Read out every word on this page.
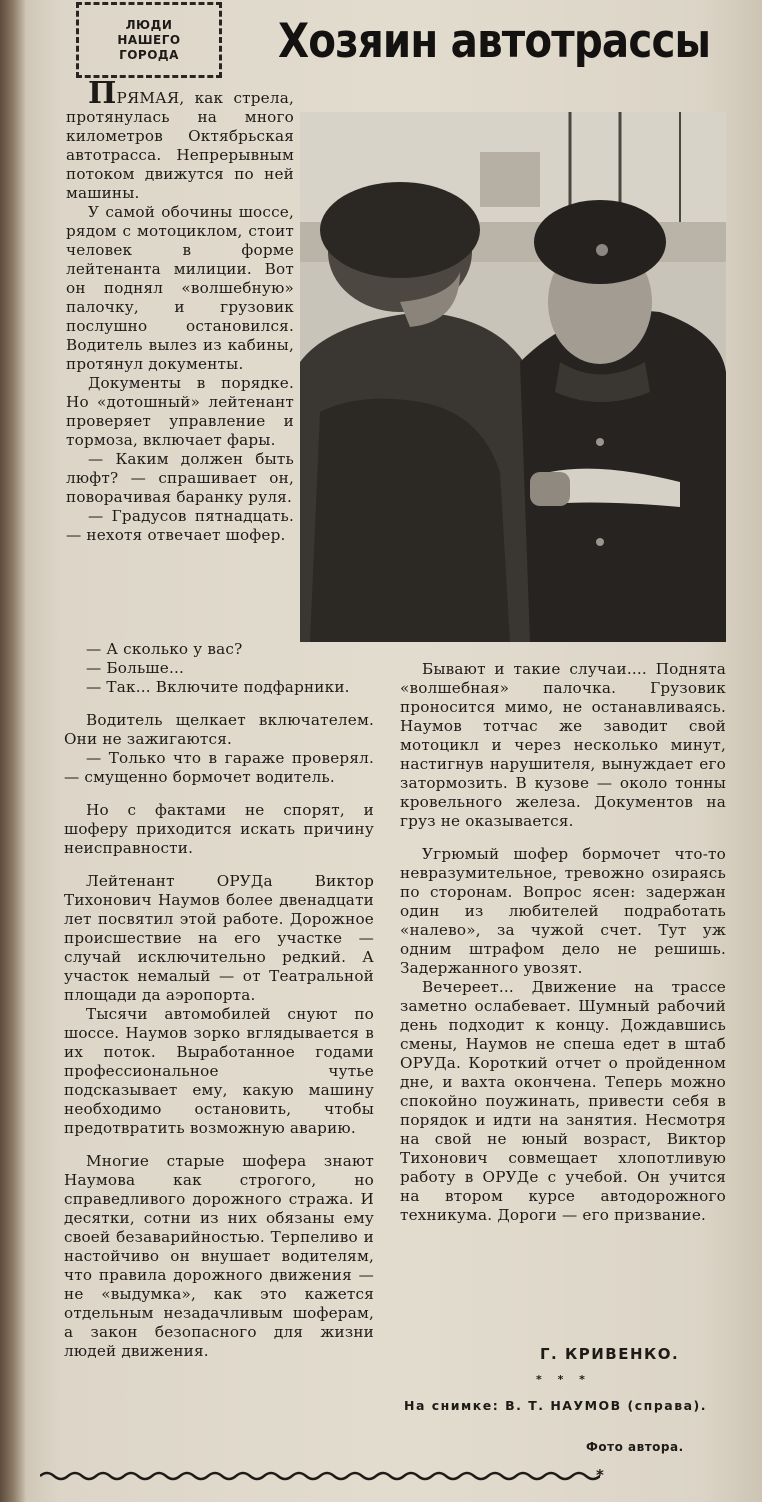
ЛЮДИ
НАШЕГО
ГОРОДА Хозяин автотрассы

ПРЯМАЯ, как стрела, протянулась на много километров Октябрьская автотрасса. Непрерывным потоком движутся по ней машины.

У самой обочины шоссе, рядом с мотоциклом, стоит человек в форме лейтенанта милиции. Вот он поднял «волшебную» палочку, и грузовик послушно остановился. Водитель вылез из кабины, протянул документы.

Документы в порядке. Но «дотошный» лейтенант проверяет управление и тормоза, включает фары.

— Каким должен быть люфт? — спрашивает он, поворачивая баранку руля.

— Градусов пятнадцать. — нехотя отвечает шофер.

— А сколько у вас?

— Больше...

— Так... Включите подфарники.

Водитель щелкает включателем. Они не зажигаются.

— Только что в гараже проверял. — смущенно бормочет водитель.

Но с фактами не спорят, и шоферу приходится искать причину неисправности.

Лейтенант ОРУДа Виктор Тихонович Наумов более двенадцати лет посвятил этой работе. Дорожное происшествие на его участке — случай исключительно редкий. А участок немалый — от Театральной площади да аэропорта.

Тысячи автомобилей снуют по шоссе. Наумов зорко вглядывается в их поток. Выработанное годами профессиональное чутье подсказывает ему, какую машину необходимо остановить, чтобы предотвратить возможную аварию.

Многие старые шофера знают Наумова как строгого, но справедливого дорожного стража. И десятки, сотни из них обязаны ему своей безаварийностью. Терпеливо и настойчиво он внушает водителям, что правила дорожного движения — не «выдумка», как это кажется отдельным незадачливым шоферам, а закон безопасного для жизни людей движения.

Бывают и такие случаи.... Поднята «волшебная» палочка. Грузовик проносится мимо, не останавливаясь. Наумов тотчас же заводит свой мотоцикл и через несколько минут, настигнув нарушителя, вынуждает его затормозить. В кузове — около тонны кровельного железа. Документов на груз не оказывается.

Угрюмый шофер бормочет что-то невразумительное, тревожно озираясь по сторонам. Вопрос ясен: задержан один из любителей подработать «налево», за чужой счет. Тут уж одним штрафом дело не решишь. Задержанного увозят.

Вечереет... Движение на трассе заметно ослабевает. Шумный рабочий день подходит к концу. Дождавшись смены, Наумов не спеша едет в штаб ОРУДа. Короткий отчет о пройденном дне, и вахта окончена. Теперь можно спокойно поужинать, привести себя в порядок и идти на занятия. Несмотря на свой не юный возраст, Виктор Тихонович совмещает хлопотливую работу в ОРУДе с учебой. Он учится на втором курсе автодорожного техникума. Дороги — его призвание.

Г. КРИВЕНКО.
* * *
На снимке: В. Т. НАУМОВ (справа).
Фото автора.
*
